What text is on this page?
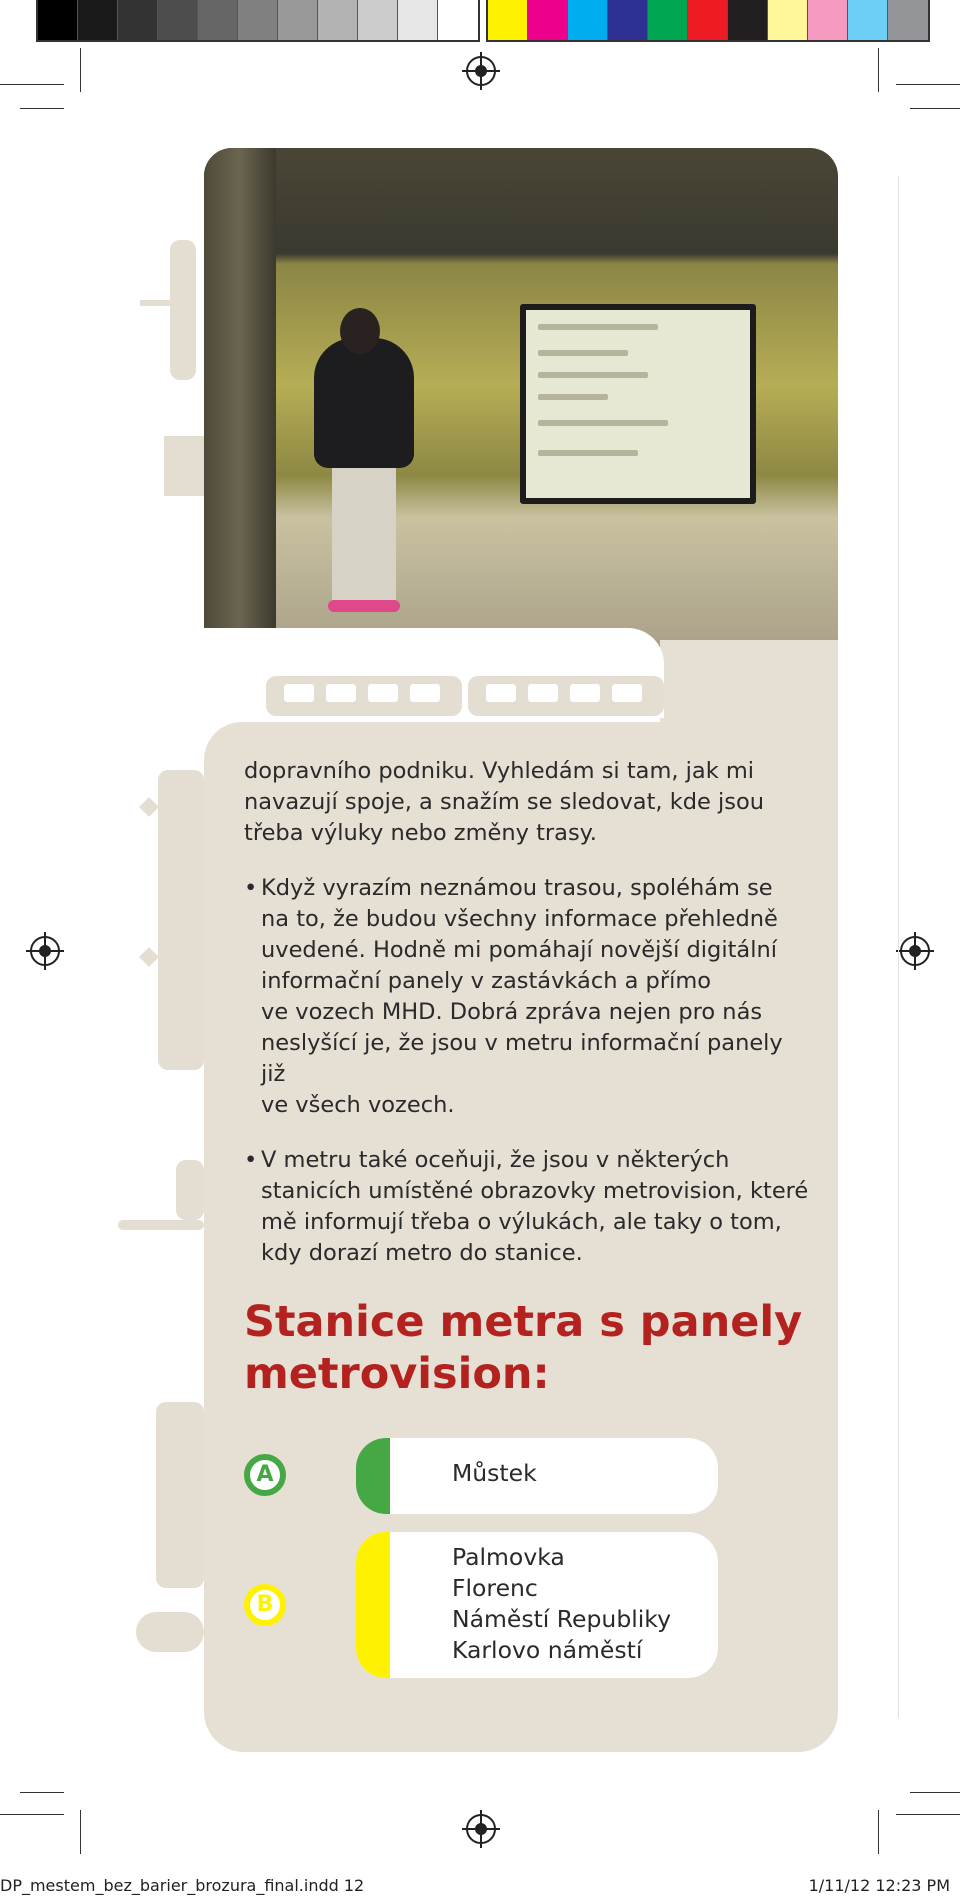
dopravního podniku. Vyhledám si tam, jak mi
navazují spoje, a snažím se sledovat, kde jsou
třeba výluky nebo změny trasy.
• Když vyrazím neznámou trasou, spoléhám se
na to, že budou všechny informace přehledně
uvedené. Hodně mi pomáhají novější digitální
informační panely v zastávkách a přímo
ve vozech MHD. Dobrá zpráva nejen pro nás
neslyšící je, že jsou v metru informační panely již
ve všech vozech.
• V metru také oceňuji, že jsou v některých
stanicích umístěné obrazovky metrovision, které
mě informují třeba o výlukách, ale taky o tom,
kdy dorazí metro do stanice.
Stanice metra s panely
metrovision:
A	Můstek
B
Palmovka
Florenc
Náměstí Republiky
Karlovo náměstí
DP_mestem_bez_barier_brozura_final.indd 12	1/11/12 12:23 PM
